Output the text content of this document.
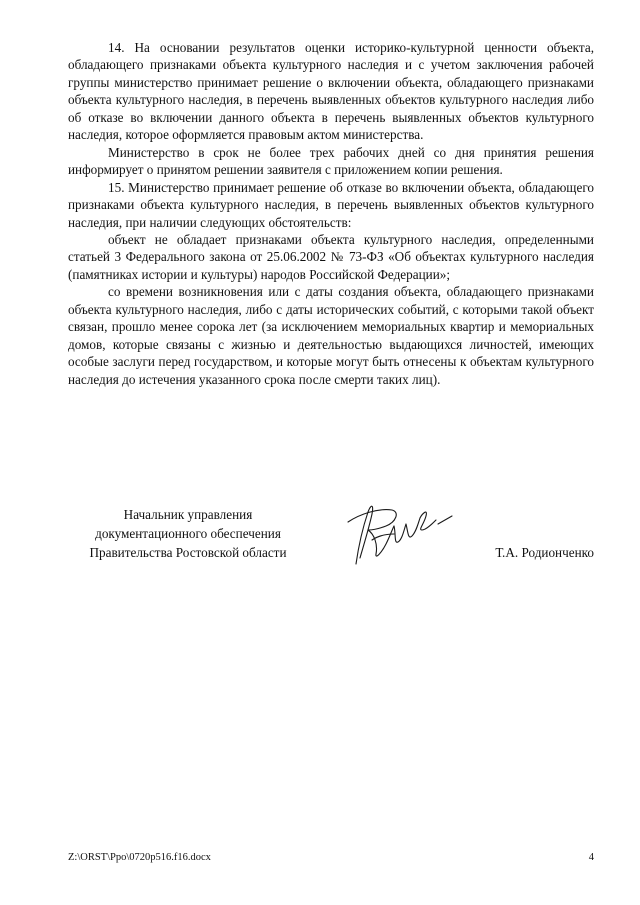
14. На основании результатов оценки историко-культурной ценности объекта, обладающего признаками объекта культурного наследия и с учетом заключения рабочей группы министерство принимает решение о включении объекта, обладающего признаками объекта культурного наследия, в перечень выявленных объектов культурного наследия либо об отказе во включении данного объекта в перечень выявленных объектов культурного наследия, которое оформляется правовым актом министерства.

Министерство в срок не более трех рабочих дней со дня принятия решения информирует о принятом решении заявителя с приложением копии решения.

15. Министерство принимает решение об отказе во включении объекта, обладающего признаками объекта культурного наследия, в перечень выявленных объектов культурного наследия, при наличии следующих обстоятельств:

объект не обладает признаками объекта культурного наследия, определенными статьей 3 Федерального закона от 25.06.2002 № 73-ФЗ «Об объектах культурного наследия (памятниках истории и культуры) народов Российской Федерации»;

со времени возникновения или с даты создания объекта, обладающего признаками объекта культурного наследия, либо с даты исторических событий, с которыми такой объект связан, прошло менее сорока лет (за исключением мемориальных квартир и мемориальных домов, которые связаны с жизнью и деятельностью выдающихся личностей, имеющих особые заслуги перед государством, и которые могут быть отнесены к объектам культурного наследия до истечения указанного срока после смерти таких лиц).

Начальник управления
документационного обеспечения
Правительства Ростовской области	Т.А. Родионченко
Z:\ORST\Ppo\0720p516.f16.docx	4
